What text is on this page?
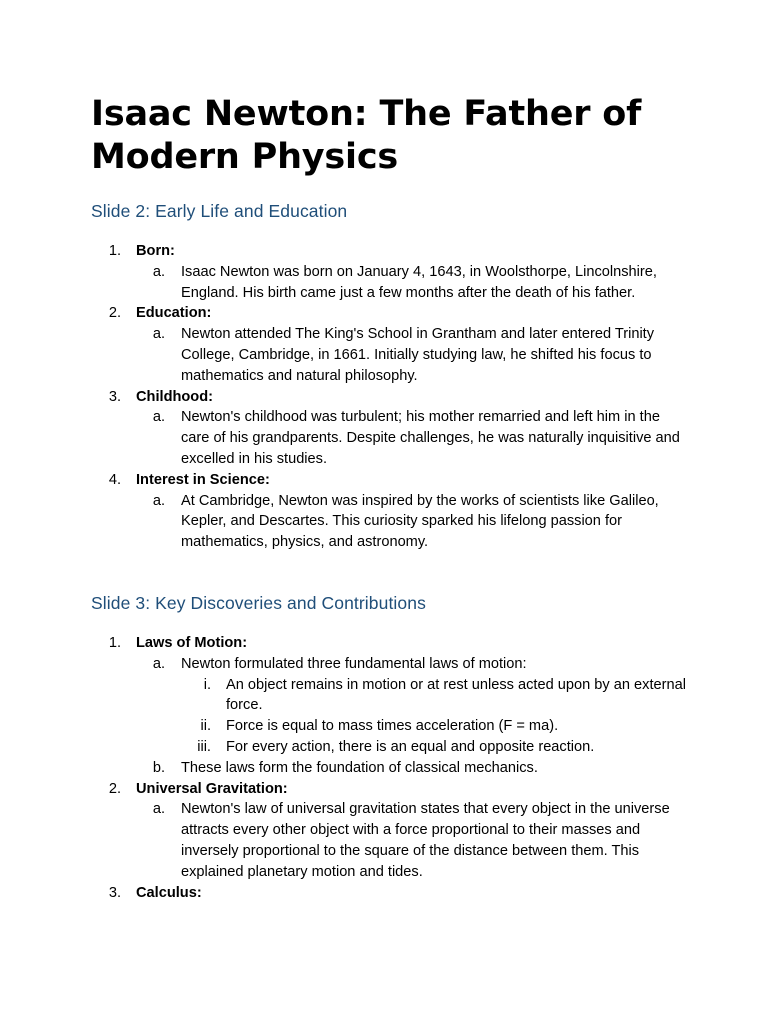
Isaac Newton: The Father of Modern Physics
Slide 2: Early Life and Education
1. Born:
a. Isaac Newton was born on January 4, 1643, in Woolsthorpe, Lincolnshire, England. His birth came just a few months after the death of his father.
2. Education:
a. Newton attended The King's School in Grantham and later entered Trinity College, Cambridge, in 1661. Initially studying law, he shifted his focus to mathematics and natural philosophy.
3. Childhood:
a. Newton's childhood was turbulent; his mother remarried and left him in the care of his grandparents. Despite challenges, he was naturally inquisitive and excelled in his studies.
4. Interest in Science:
a. At Cambridge, Newton was inspired by the works of scientists like Galileo, Kepler, and Descartes. This curiosity sparked his lifelong passion for mathematics, physics, and astronomy.
Slide 3: Key Discoveries and Contributions
1. Laws of Motion:
a. Newton formulated three fundamental laws of motion:
i. An object remains in motion or at rest unless acted upon by an external force.
ii. Force is equal to mass times acceleration (F = ma).
iii. For every action, there is an equal and opposite reaction.
b. These laws form the foundation of classical mechanics.
2. Universal Gravitation:
a. Newton's law of universal gravitation states that every object in the universe attracts every other object with a force proportional to their masses and inversely proportional to the square of the distance between them. This explained planetary motion and tides.
3. Calculus:
